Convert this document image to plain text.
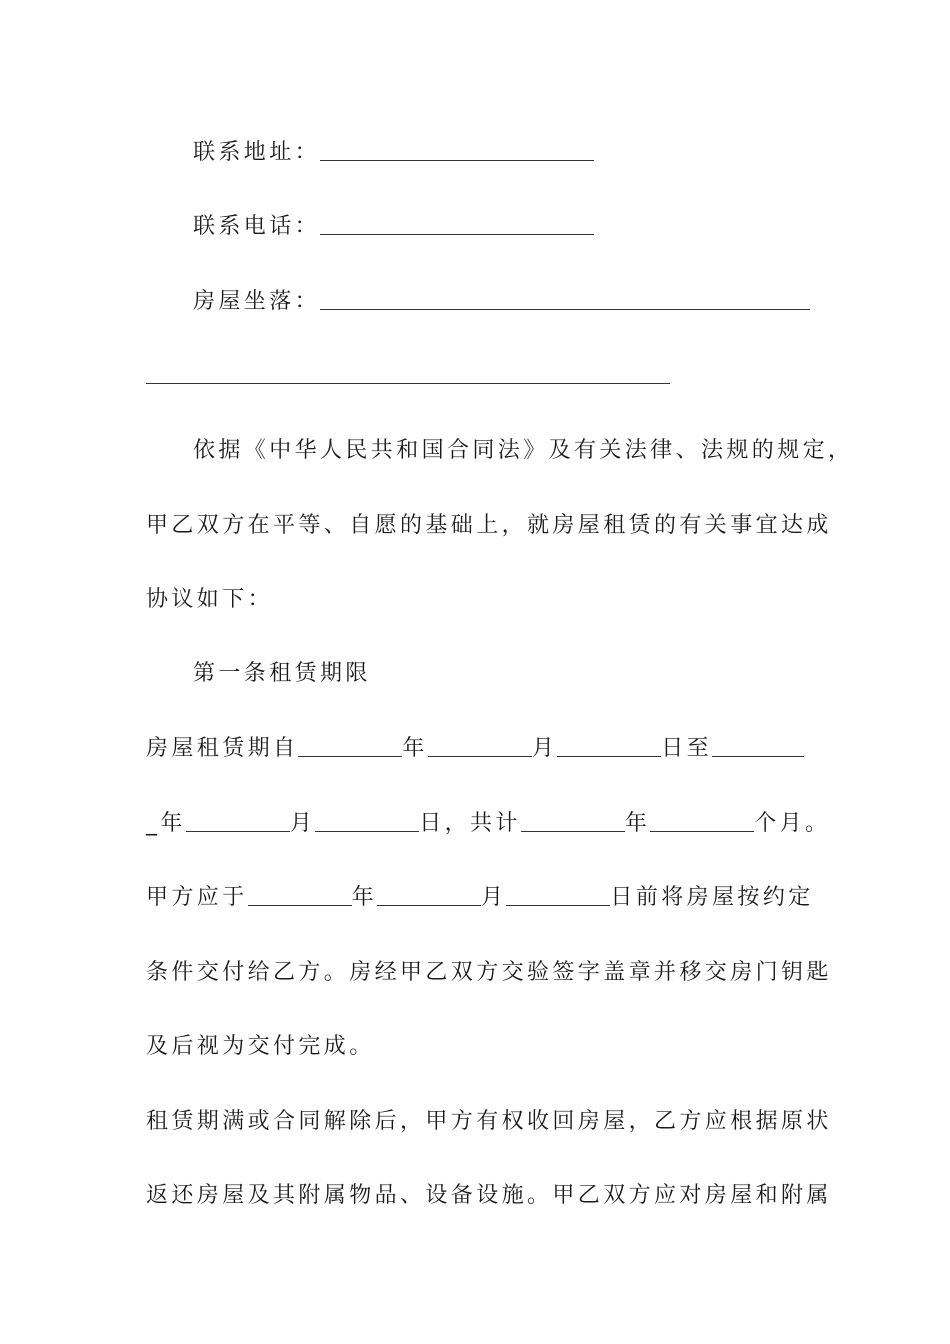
联系地址：
联系电话：
房屋坐落：
依据《中华人民共和国合同法》及有关法律、法规的规定，
甲乙双方在平等、自愿的基础上，就房屋租赁的有关事宜达成
协议如下：
第一条租赁期限
房屋租赁期自	年	月	日至
_年	月	日，共计	年	个月。
甲方应于	年	月	日前将房屋按约定
条件交付给乙方。房经甲乙双方交验签字盖章并移交房门钥匙
及后视为交付完成。
租赁期满或合同解除后，甲方有权收回房屋，乙方应根据原状
返还房屋及其附属物品、设备设施。甲乙双方应对房屋和附属
